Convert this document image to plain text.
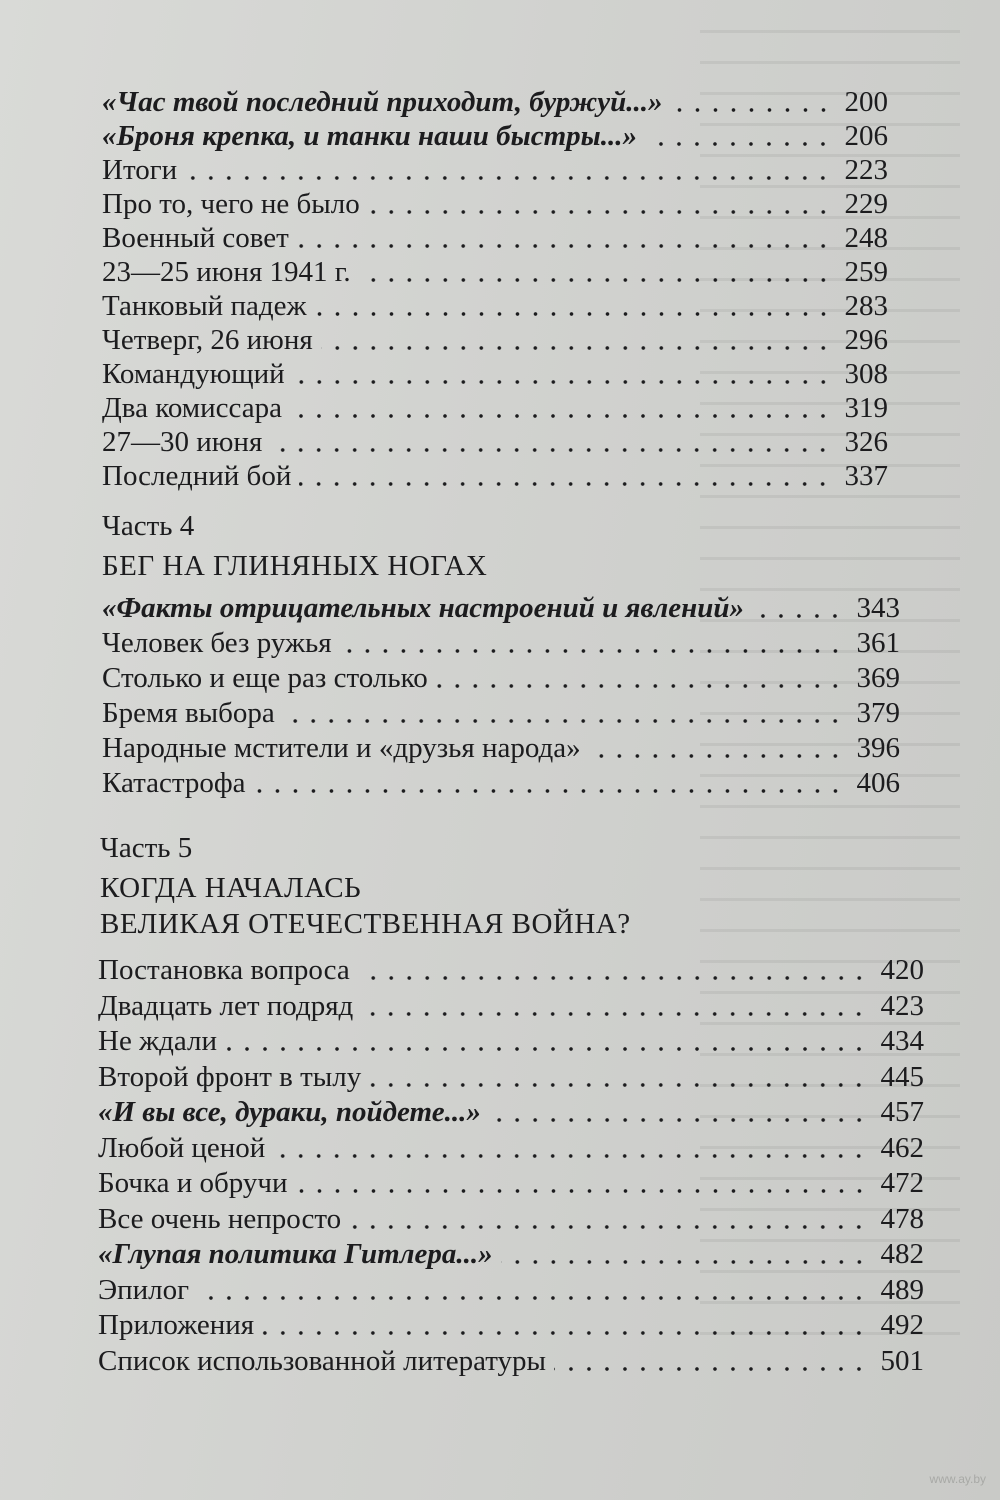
«Час твой последний приходит, буржуй...»	200
«Броня крепка, и танки наши быстры...»	206
Итоги	223
Про то, чего не было	229
Военный совет	248
23—25 июня 1941 г.	259
Танковый падеж	283
Четверг, 26 июня	296
Командующий	308
Два комиссара	319
27—30 июня	326
Последний бой	337
Часть 4
БЕГ НА ГЛИНЯНЫХ НОГАХ
«Факты отрицательных настроений и явлений»	343
Человек без ружья	361
Столько и еще раз столько	369
Бремя выбора	379
Народные мстители и «друзья народа»	396
Катастрофа	406
Часть 5
КОГДА НАЧАЛАСЬ
ВЕЛИКАЯ ОТЕЧЕСТВЕННАЯ ВОЙНА?
Постановка вопроса	420
Двадцать лет подряд	423
Не ждали	434
Второй фронт в тылу	445
«И вы все, дураки, пойдете...»	457
Любой ценой	462
Бочка и обручи	472
Все очень непросто	478
«Глупая политика Гитлера...»	482
Эпилог	489
Приложения	492
Список использованной литературы	501
www.ay.by
